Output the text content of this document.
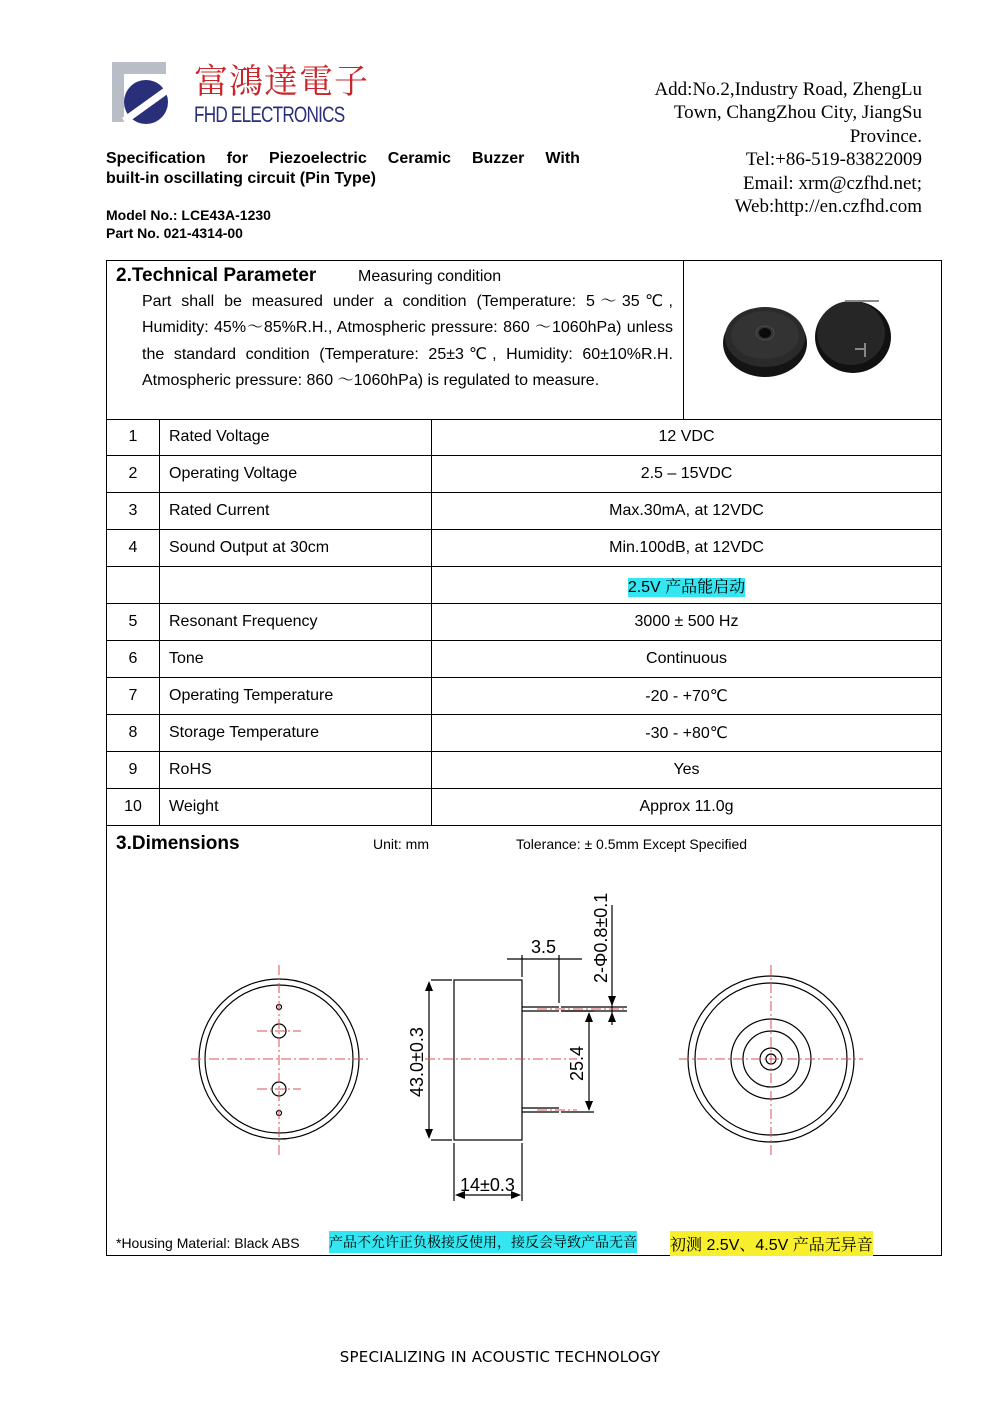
富鴻達電子
FHD ELECTRONICS
Add:No.2,Industry Road, ZhengLu
Town, ChangZhou City, JiangSu
Province.
Tel:+86-519-83822009
Email: xrm@czfhd.net;
Web:http://en.czfhd.com
Specification for Piezoelectric Ceramic Buzzer With
built-in oscillating circuit (Pin Type)
Model No.: LCE43A-1230
Part No. 021-4314-00
2.Technical Parameter	Measuring condition
Part shall be measured under a condition (Temperature: 5～35℃, Humidity: 45%～85%R.H., Atmospheric pressure: 860 ～1060hPa) unless the standard condition (Temperature: 25±3℃, Humidity: 60±10%R.H. Atmospheric pressure: 860 ～1060hPa) is regulated to measure.
1	Rated Voltage	12 VDC
2	Operating Voltage	2.5 – 15VDC
3	Rated Current	Max.30mA, at 12VDC
4	Sound Output at 30cm	Min.100dB, at 12VDC
		2.5V 产品能启动
5	Resonant Frequency	3000 ± 500 Hz
6	Tone	Continuous
7	Operating Temperature	-20 - +70℃
8	Storage Temperature	-30 - +80℃
9	RoHS	Yes
10	Weight	Approx 11.0g
3.Dimensions	Unit: mm	Tolerance: ± 0.5mm Except Specified
3.5 2-Φ0.8±0.1
43.0±0.3	25.4
14±0.3
*Housing Material: Black ABS 产品不允许正负极接反使用，接反会导致产品无音 初测 2.5V、4.5V 产品无异音
SPECIALIZING IN ACOUSTIC TECHNOLOGY
